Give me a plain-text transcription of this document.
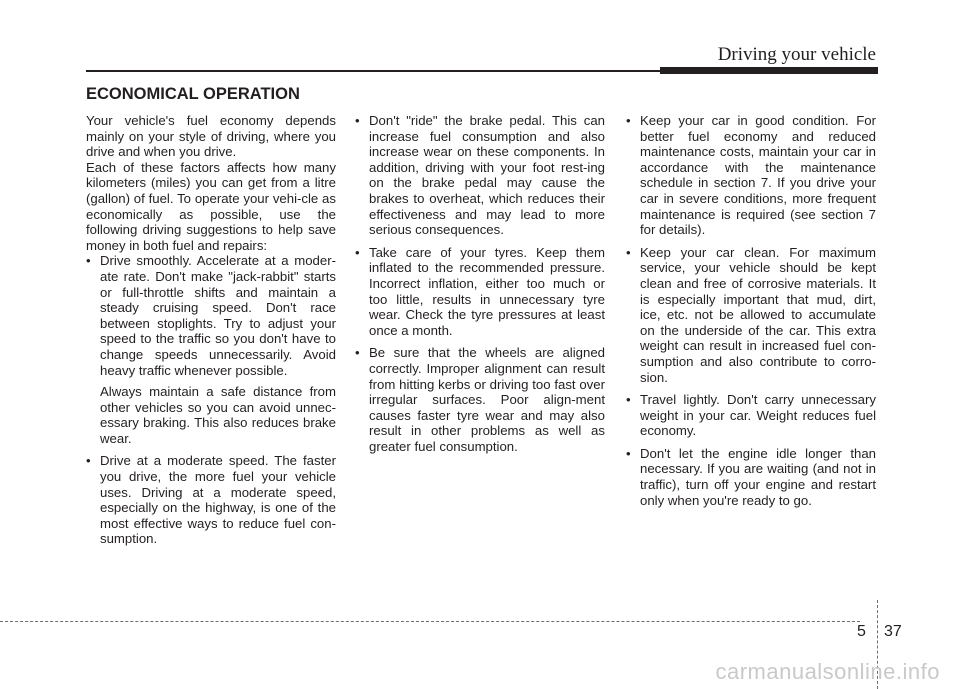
Driving your vehicle
ECONOMICAL OPERATION

Your vehicle's fuel economy depends mainly on your style of driving, where you drive and when you drive.

Each of these factors affects how many kilometers (miles) you can get from a litre (gallon) of fuel. To operate your vehi-cle as economically as possible, use the following driving suggestions to help save money in both fuel and repairs:

• Drive smoothly. Accelerate at a moder-ate rate. Don't make "jack-rabbit" starts or full-throttle shifts and maintain a steady cruising speed. Don't race between stoplights. Try to adjust your speed to the traffic so you don't have to change speeds unnecessarily. Avoid heavy traffic whenever possible.
Always maintain a safe distance from other vehicles so you can avoid unnec-essary braking. This also reduces brake wear.
• Drive at a moderate speed. The faster you drive, the more fuel your vehicle uses. Driving at a moderate speed, especially on the highway, is one of the most effective ways to reduce fuel con-sumption.
• Don't "ride" the brake pedal. This can increase fuel consumption and also increase wear on these components. In addition, driving with your foot rest-ing on the brake pedal may cause the brakes to overheat, which reduces their effectiveness and may lead to more serious consequences.
• Take care of your tyres. Keep them inflated to the recommended pressure. Incorrect inflation, either too much or too little, results in unnecessary tyre wear. Check the tyre pressures at least once a month.
• Be sure that the wheels are aligned correctly. Improper alignment can result from hitting kerbs or driving too fast over irregular surfaces. Poor align-ment causes faster tyre wear and may also result in other problems as well as greater fuel consumption.
• Keep your car in good condition. For better fuel economy and reduced maintenance costs, maintain your car in accordance with the maintenance schedule in section 7. If you drive your car in severe conditions, more frequent maintenance is required (see section 7 for details).
• Keep your car clean. For maximum service, your vehicle should be kept clean and free of corrosive materials. It is especially important that mud, dirt, ice, etc. not be allowed to accumulate on the underside of the car. This extra weight can result in increased fuel con-sumption and also contribute to corro-sion.
• Travel lightly. Don't carry unnecessary weight in your car. Weight reduces fuel economy.
• Don't let the engine idle longer than necessary. If you are waiting (and not in traffic), turn off your engine and restart only when you're ready to go.
5 37
carmanualsonline.info
